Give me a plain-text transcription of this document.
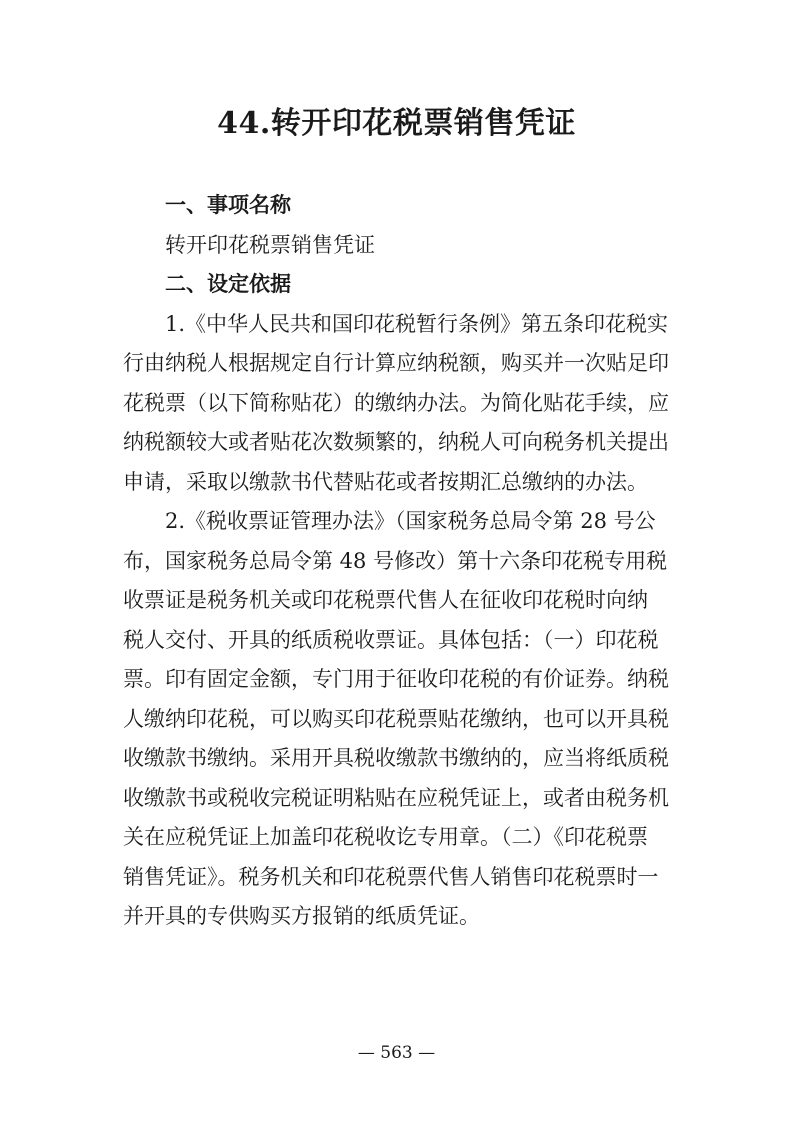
44.转开印花税票销售凭证
一、事项名称
转开印花税票销售凭证
二、设定依据
1.《中华人民共和国印花税暂行条例》第五条印花税实
行由纳税人根据规定自行计算应纳税额，购买并一次贴足印
花税票（以下简称贴花）的缴纳办法。为简化贴花手续，应
纳税额较大或者贴花次数频繁的，纳税人可向税务机关提出
申请，采取以缴款书代替贴花或者按期汇总缴纳的办法。
2.《税收票证管理办法》（国家税务总局令第 28 号公
布，国家税务总局令第 48 号修改）第十六条印花税专用税
收票证是税务机关或印花税票代售人在征收印花税时向纳
税人交付、开具的纸质税收票证。具体包括：（一）印花税
票。印有固定金额，专门用于征收印花税的有价证券。纳税
人缴纳印花税，可以购买印花税票贴花缴纳，也可以开具税
收缴款书缴纳。采用开具税收缴款书缴纳的，应当将纸质税
收缴款书或税收完税证明粘贴在应税凭证上，或者由税务机
关在应税凭证上加盖印花税收讫专用章。（二）《印花税票
销售凭证》。税务机关和印花税票代售人销售印花税票时一
并开具的专供购买方报销的纸质凭证。
— 563 —
